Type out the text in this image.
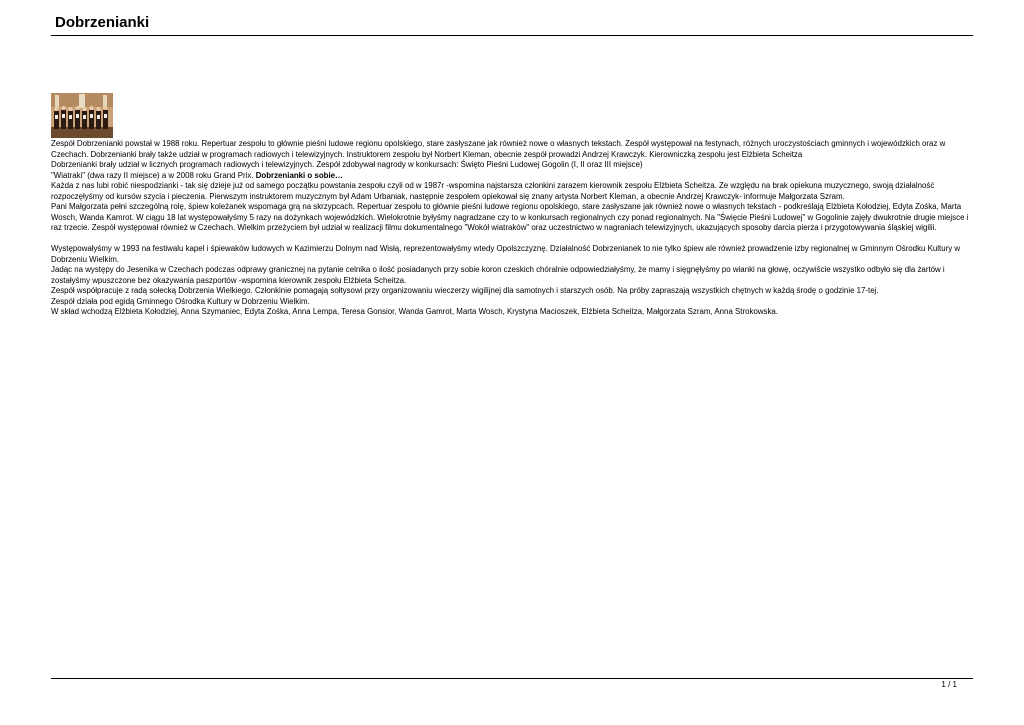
Dobrzenianki

Zespół Dobrzenianki powstał w 1988 roku. Repertuar zespołu to głównie pieśni ludowe regionu opolskiego, stare zasłyszane jak również nowe o własnych tekstach. Zespół występował na festynach, różnych uroczystościach gminnych i wojewódzkich oraz w Czechach. Dobrzenianki brały także udział w programach radiowych i telewizyjnych. Instruktorem zespołu był Norbert Kleman, obecnie zespół prowadzi Andrzej Krawczyk. Kierowniczką zespołu jest Elżbieta Scheitza

Dobrzenianki brały udział w licznych programach radiowych i telewizyjnych. Zespół zdobywał nagrody w konkursach: Święto Pieśni Ludowej Gogolin (I, II oraz III miejsce)

"Wiatraki" (dwa razy II miejsce) a w 2008 roku Grand Prix. Dobrzenianki o sobie…

Każda z nas lubi robić niespodzianki - tak się dzieje już od samego początku powstania zespołu czyli od w 1987r -wspomina najstarsza członkini zarazem kierownik zespołu Elżbieta Scheitza. Ze względu na brak opiekuna muzycznego, swoją działalność rozpoczęłyśmy od kursów szycia i pieczenia. Pierwszym instruktorem muzycznym był Adam Urbaniak, następnie zespołem opiekował się znany artysta Norbert Kleman, a obecnie Andrzej Krawczyk- informuje Małgorzata Szram.

Pani Małgorzata pełni szczególną rolę, śpiew koleżanek wspomaga grą na skrzypcach. Repertuar zespołu to głównie pieśni ludowe regionu opolskiego, stare zasłyszane jak również nowe o własnych tekstach - podkreślają Elżbieta Kołodziej, Edyta Zośka, Marta Wosch, Wanda Kamrot. W ciągu 18 lat występowałyśmy 5 razy na dożynkach wojewódzkich. Wielokrotnie byłyśmy nagradzane czy to w konkursach regionalnych czy ponad regionalnych. Na "Święcie Pieśni Ludowej" w Gogolinie zajęły dwukrotnie drugie miejsce i raz trzecie. Zespół występował również w Czechach. Wielkim przeżyciem był udział w realizacji filmu dokumentalnego "Wokół wiatraków" oraz uczestnictwo w nagraniach telewizyjnych, ukazujących sposoby darcia pierza i przygotowywania śląskiej wigilii.

Występowałyśmy w 1993 na festiwalu kapel i śpiewaków ludowych w Kazimierzu Dolnym nad Wisłą, reprezentowałyśmy wtedy Opolszczyznę. Działalność Dobrzenianek to nie tylko śpiew ale również prowadzenie izby regionalnej w Gminnym Ośrodku Kultury w Dobrzeniu Wielkim.

Jadąc na występy do Jesenika w Czechach podczas odprawy granicznej na pytanie celnika o ilość posiadanych przy sobie koron czeskich chóralnie odpowiedziałyśmy, że mamy i sięgnęłyśmy po wianki na głowę, oczywiście wszystko odbyło się dla żartów i zostałyśmy wpuszczone bez okazywania paszportów -wspomina kierownik zespołu Elżbieta Scheitza.

Zespół współpracuje z radą sołecką Dobrzenia Wielkiego. Członkinie pomagają sołtysowi przy organizowaniu wieczerzy wigilijnej dla samotnych i starszych osób. Na próby zapraszają wszystkich chętnych w każdą środę o godzinie 17-tej.

Zespół działa pod egidą Gminnego Ośrodka Kultury w Dobrzeniu Wielkim.

W skład wchodzą Elżbieta Kołodziej, Anna Szymaniec, Edyta Zośka, Anna Lempa, Teresa Gonsior, Wanda Gamrot, Marta Wosch, Krystyna Macioszek, Elżbieta Scheitza, Małgorzata Szram, Anna Strokowska.

1 / 1
